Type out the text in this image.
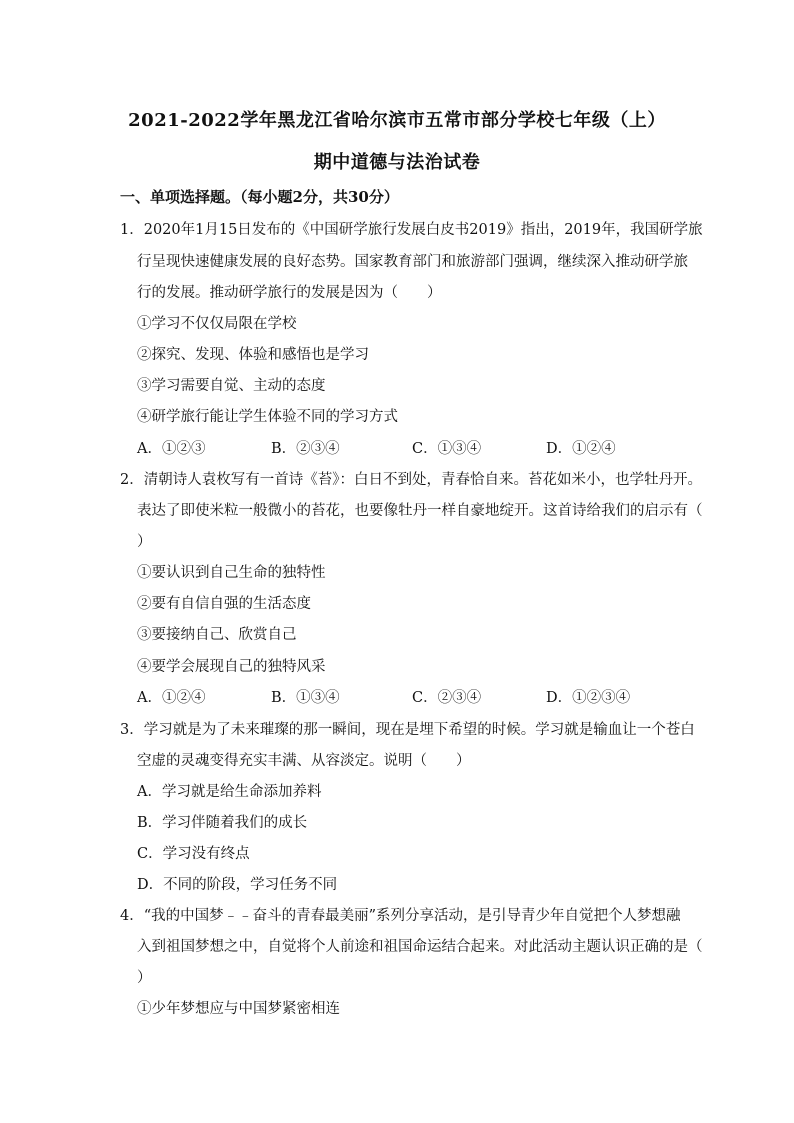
2021-2022学年黑龙江省哈尔滨市五常市部分学校七年级（上）
期中道德与法治试卷
一、单项选择题。（每小题2分，共30分）
1．2020年1月15日发布的《中国研学旅行发展白皮书2019》指出，2019年，我国研学旅
行呈现快速健康发展的良好态势。国家教育部门和旅游部门强调，继续深入推动研学旅
行的发展。推动研学旅行的发展是因为（　　）
①学习不仅仅局限在学校
②探究、发现、体验和感悟也是学习
③学习需要自觉、主动的态度
④研学旅行能让学生体验不同的学习方式
A．①②③	B．②③④	C．①③④	D．①②④
2．清朝诗人袁枚写有一首诗《苔》：白日不到处，青春恰自来。苔花如米小，也学牡丹开。
表达了即使米粒一般微小的苔花，也要像牡丹一样自豪地绽开。这首诗给我们的启示有（
）
①要认识到自己生命的独特性
②要有自信自强的生活态度
③要接纳自己、欣赏自己
④要学会展现自己的独特风采
A．①②④	B．①③④	C．②③④	D．①②③④
3．学习就是为了未来璀璨的那一瞬间，现在是埋下希望的时候。学习就是输血让一个苍白
空虚的灵魂变得充实丰满、从容淡定。说明（　　）
A．学习就是给生命添加养料
B．学习伴随着我们的成长
C．学习没有终点
D．不同的阶段，学习任务不同
4．“我的中国梦﹣﹣奋斗的青春最美丽”系列分享活动，是引导青少年自觉把个人梦想融
入到祖国梦想之中，自觉将个人前途和祖国命运结合起来。对此活动主题认识正确的是（
）
①少年梦想应与中国梦紧密相连
